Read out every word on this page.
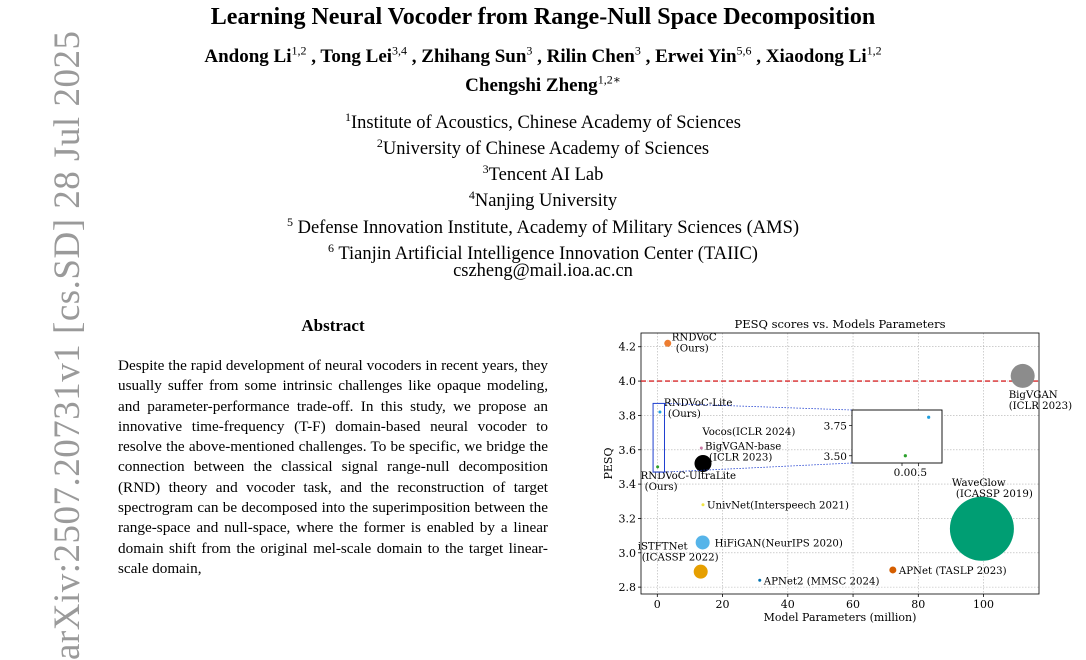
arXiv:2507.20731v1 [cs.SD] 28 Jul 2025
Learning Neural Vocoder from Range-Null Space Decomposition
Andong Li$^{1,2}$ , Tong Lei$^{3,4}$ , Zhihang Sun$^3$ , Rilin Chen$^3$ , Erwei Yin$^{5,6}$ , Xiaodong Li$^{1,2}$
Chengshi Zheng$^{1,2∗}$
$^1$Institute of Acoustics, Chinese Academy of Sciences
$^2$University of Chinese Academy of Sciences
$^3$Tencent AI Lab
$^4$Nanjing University
$^5$ Defense Innovation Institute, Academy of Military Sciences (AMS)
$^6$ Tianjin Artificial Intelligence Innovation Center (TAIIC)
cszheng@mail.ioa.ac.cn
Abstract
Despite the rapid development of neural vocoders in recent years, they usually suffer from some intrinsic challenges like opaque modeling, and parameter-performance trade-off. In this study, we propose an innovative time-frequency (T-F) domain-based neural vocoder to resolve the above-mentioned challenges. To be specific, we bridge the connection between the classical signal range-null decomposition (RND) theory and vocoder task, and the reconstruction of target spectrogram can be decomposed into the superimposition between the range-space and null-space, where the former is enabled by a linear domain shift from the original mel-scale domain to the target linear-scale domain,
PESQ scores vs. Models Parameters
0	20	40	60	80	100
2.8
3.0
3.2
3.4
3.6
3.8
4.0
4.2
Model Parameters (million)
PESQ
RNDVoC
(Ours)
BigVGAN
(ICLR 2023)
RNDVoC-Lite
(Ours)
Vocos(ICLR 2024)
BigVGAN-base
(ICLR 2023)
RNDVoC-UltraLite
(Ours)
UnivNet(Interspeech 2021)
WaveGlow
(ICASSP 2019)
HiFiGAN(NeurIPS 2020)
iSTFTNet
(ICASSP 2022)
APNet (TASLP 2023)
APNet2 (MMSC 2024)
0.0 0.5
3.50
3.75
